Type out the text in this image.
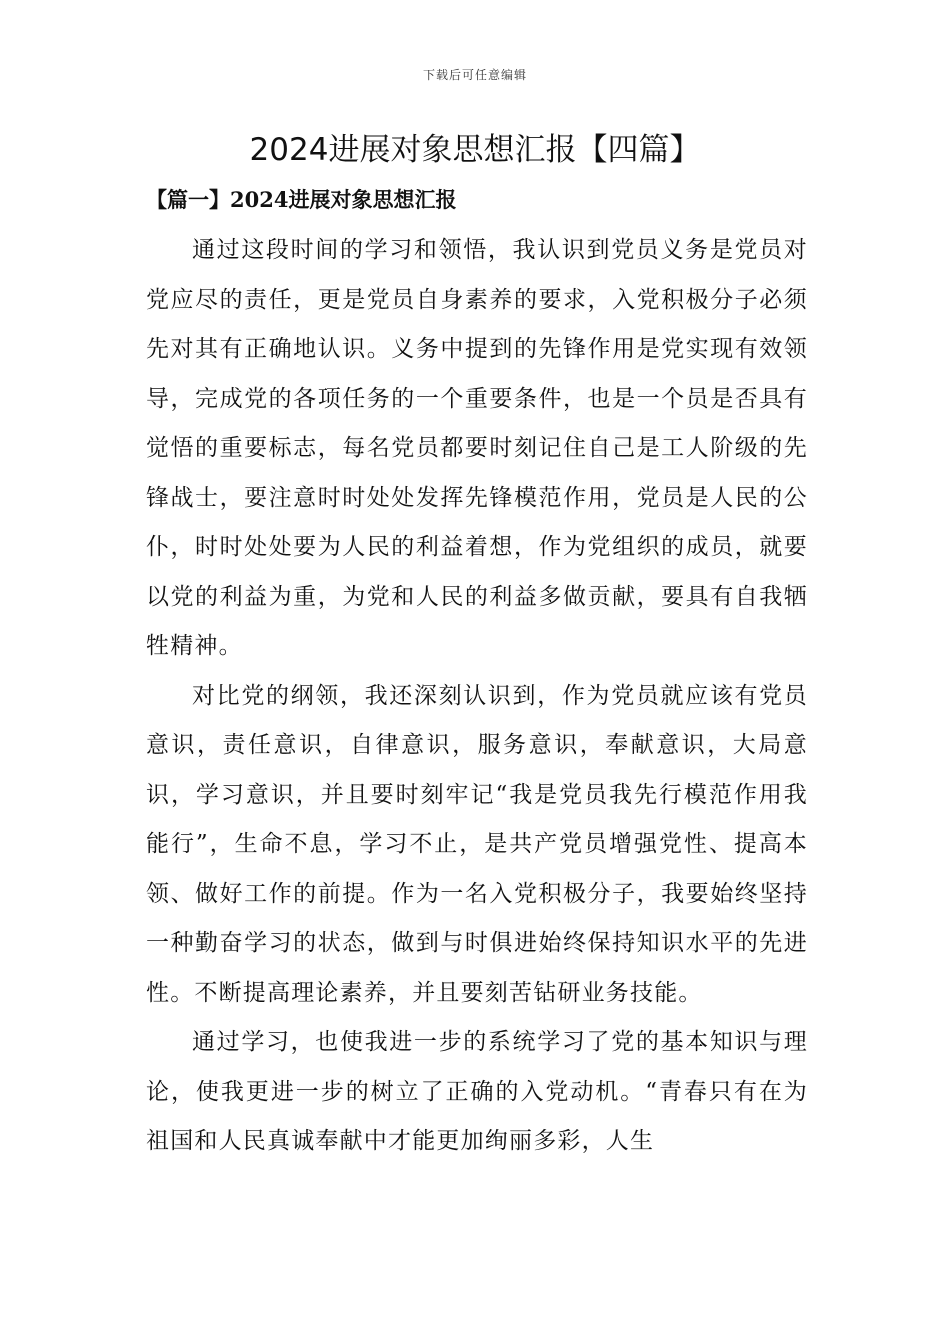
下载后可任意编辑
2024进展对象思想汇报【四篇】
【篇一】2024进展对象思想汇报

通过这段时间的学习和领悟，我认识到党员义务是党员对党应尽的责任，更是党员自身素养的要求，入党积极分子必须先对其有正确地认识。义务中提到的先锋作用是党实现有效领导，完成党的各项任务的一个重要条件，也是一个员是否具有觉悟的重要标志，每名党员都要时刻记住自己是工人阶级的先锋战士，要注意时时处处发挥先锋模范作用，党员是人民的公仆，时时处处要为人民的利益着想，作为党组织的成员，就要以党的利益为重，为党和人民的利益多做贡献，要具有自我牺牲精神。

对比党的纲领，我还深刻认识到，作为党员就应该有党员意识，责任意识，自律意识，服务意识，奉献意识，大局意识，学习意识，并且要时刻牢记“我是党员我先行模范作用我能行”，生命不息，学习不止，是共产党员增强党性、提高本领、做好工作的前提。作为一名入党积极分子，我要始终坚持一种勤奋学习的状态，做到与时俱进始终保持知识水平的先进性。不断提高理论素养，并且要刻苦钻研业务技能。

通过学习，也使我进一步的系统学习了党的基本知识与理论，使我更进一步的树立了正确的入党动机。“青春只有在为祖国和人民真诚奉献中才能更加绚丽多彩，人生
